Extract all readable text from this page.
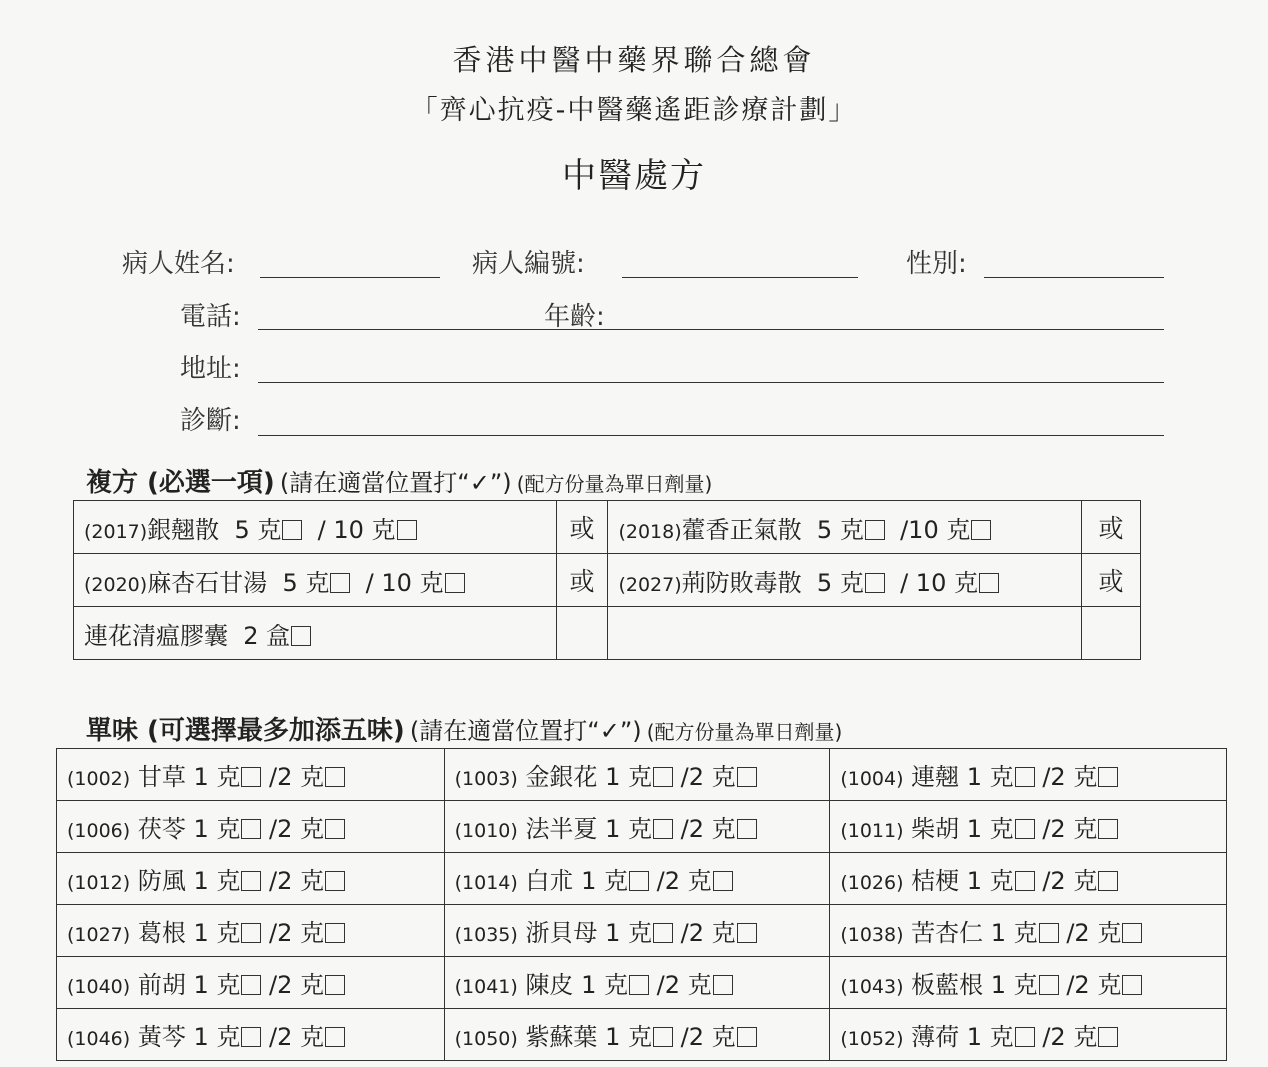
香港中醫中藥界聯合總會
「齊心抗疫-中醫藥遙距診療計劃」
中醫處方
病人姓名:	病人編號:	性別:
電話:	年齡:
地址:
診斷:
複方 (必選一項) (請在適當位置打“✓”) (配方份量為單日劑量)
(2017)銀翹散 5 克 / 10 克	或	(2018)藿香正氣散 5 克 /10 克	或
(2020)麻杏石甘湯 5 克 / 10 克	或	(2027)荊防敗毒散 5 克 / 10 克	或
連花清瘟膠囊 2 盒			
單味 (可選擇最多加添五味) (請在適當位置打“✓”) (配方份量為單日劑量)
(1002) 甘草 1 克 /2 克	(1003) 金銀花 1 克 /2 克	(1004) 連翹 1 克 /2 克
(1006) 茯苓 1 克 /2 克	(1010) 法半夏 1 克 /2 克	(1011) 柴胡 1 克 /2 克
(1012) 防風 1 克 /2 克	(1014) 白朮 1 克 /2 克	(1026) 桔梗 1 克 /2 克
(1027) 葛根 1 克 /2 克	(1035) 浙貝母 1 克 /2 克	(1038) 苦杏仁 1 克 /2 克
(1040) 前胡 1 克 /2 克	(1041) 陳皮 1 克 /2 克	(1043) 板藍根 1 克 /2 克
(1046) 黃芩 1 克 /2 克	(1050) 紫蘇葉 1 克 /2 克	(1052) 薄荷 1 克 /2 克
